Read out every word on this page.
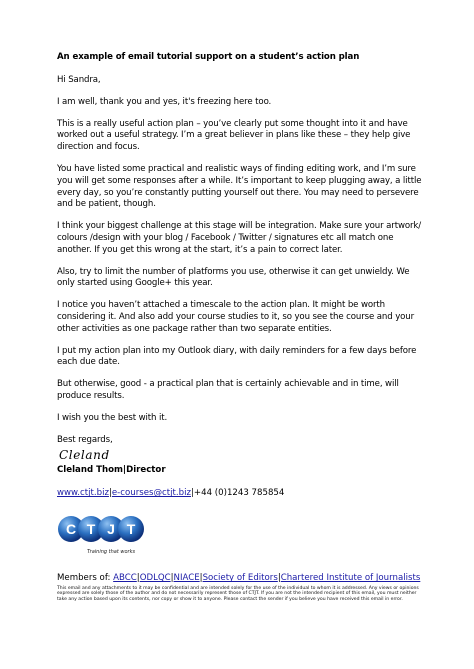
An example of email tutorial support on a student’s action plan
Hi Sandra,
I am well, thank you and yes, it's freezing here too.
This is a really useful action plan – you’ve clearly put some thought into it and have worked out a useful strategy. I’m a great believer in plans like these – they help give direction and focus.
You have listed some practical and realistic ways of finding editing work, and I’m sure you will get some responses after a while. It’s important to keep plugging away, a little every day, so you’re constantly putting yourself out there. You may need to persevere and be patient, though.
I think your biggest challenge at this stage will be integration. Make sure your artwork/ colours /design with your blog / Facebook / Twitter / signatures etc all match one another. If you get this wrong at the start, it’s a pain to correct later.
Also, try to limit the number of platforms you use, otherwise it can get unwieldy. We only started using Google+ this year.
I notice you haven’t attached a timescale to the action plan. It might be worth considering it. And also add your course studies to it, so you see the course and your other activities as one package rather than two separate entities.
I put my action plan into my Outlook diary, with daily reminders for a few days before each due date.
But otherwise, good - a practical plan that is certainly achievable and in time, will produce results.
I wish you the best with it.
Best regards,
Cleland
Cleland Thom|Director
www.ctjt.biz|e-courses@ctjt.biz|+44 (0)1243 785854
C T J T
Training that works
Members of: ABCC|ODLQC|NIACE|Society of Editors|Chartered Institute of Journalists
This email and any attachments to it may be confidential and are intended solely for the use of the individual to whom it is addressed. Any views or opinions expressed are solely those of the author and do not necessarily represent those of CTJT. If you are not the intended recipient of this email, you must neither take any action based upon its contents, nor copy or show it to anyone. Please contact the sender if you believe you have received this email in error.
